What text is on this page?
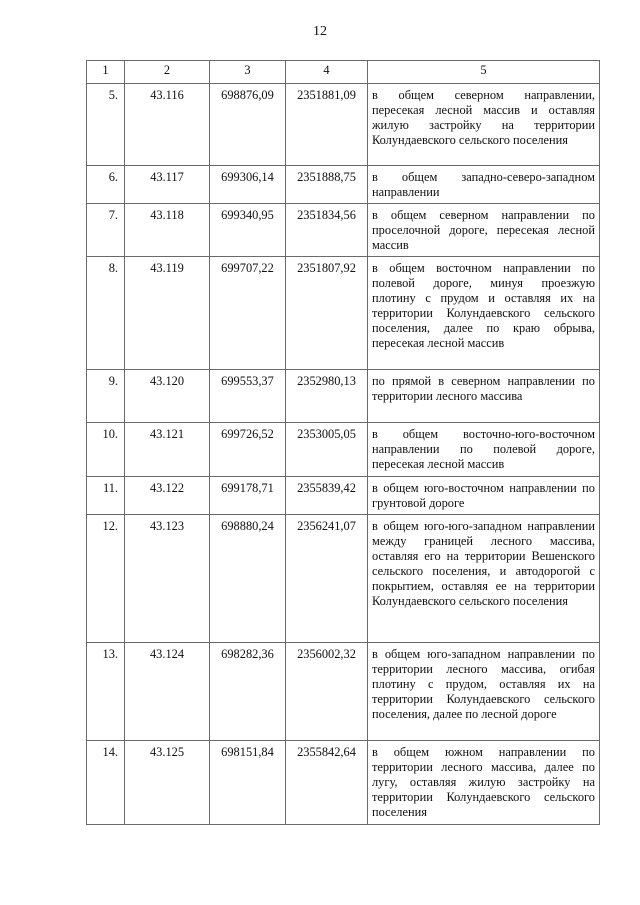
12
1	2	3	4	5
5.	43.116	698876,09	2351881,09	в общем северном направлении, пересекая лесной массив и оставляя жилую застройку на территории Колундаевского сельского поселения
6.	43.117	699306,14	2351888,75	в общем западно-северо-западном направлении
7.	43.118	699340,95	2351834,56	в общем северном направлении по проселочной дороге, пересекая лесной массив
8.	43.119	699707,22	2351807,92	в общем восточном направлении по полевой дороге, минуя проезжую плотину с прудом и оставляя их на территории Колундаевского сельского поселения, далее по краю обрыва, пересекая лесной массив
9.	43.120	699553,37	2352980,13	по прямой в северном направлении по территории лесного массива
10.	43.121	699726,52	2353005,05	в общем восточно-юго-восточном направлении по полевой дороге, пересекая лесной массив
11.	43.122	699178,71	2355839,42	в общем юго-восточном направлении по грунтовой дороге
12.	43.123	698880,24	2356241,07	в общем юго-юго-западном направлении между границей лесного массива, оставляя его на территории Вешенского сельского поселения, и автодорогой с покрытием, оставляя ее на территории Колундаевского сельского поселения
13.	43.124	698282,36	2356002,32	в общем юго-западном направлении по территории лесного массива, огибая плотину с прудом, оставляя их на территории Колундаевского сельского поселения, далее по лесной дороге
14.	43.125	698151,84	2355842,64	в общем южном направлении по территории лесного массива, далее по лугу, оставляя жилую застройку на территории Колундаевского сельского поселения
